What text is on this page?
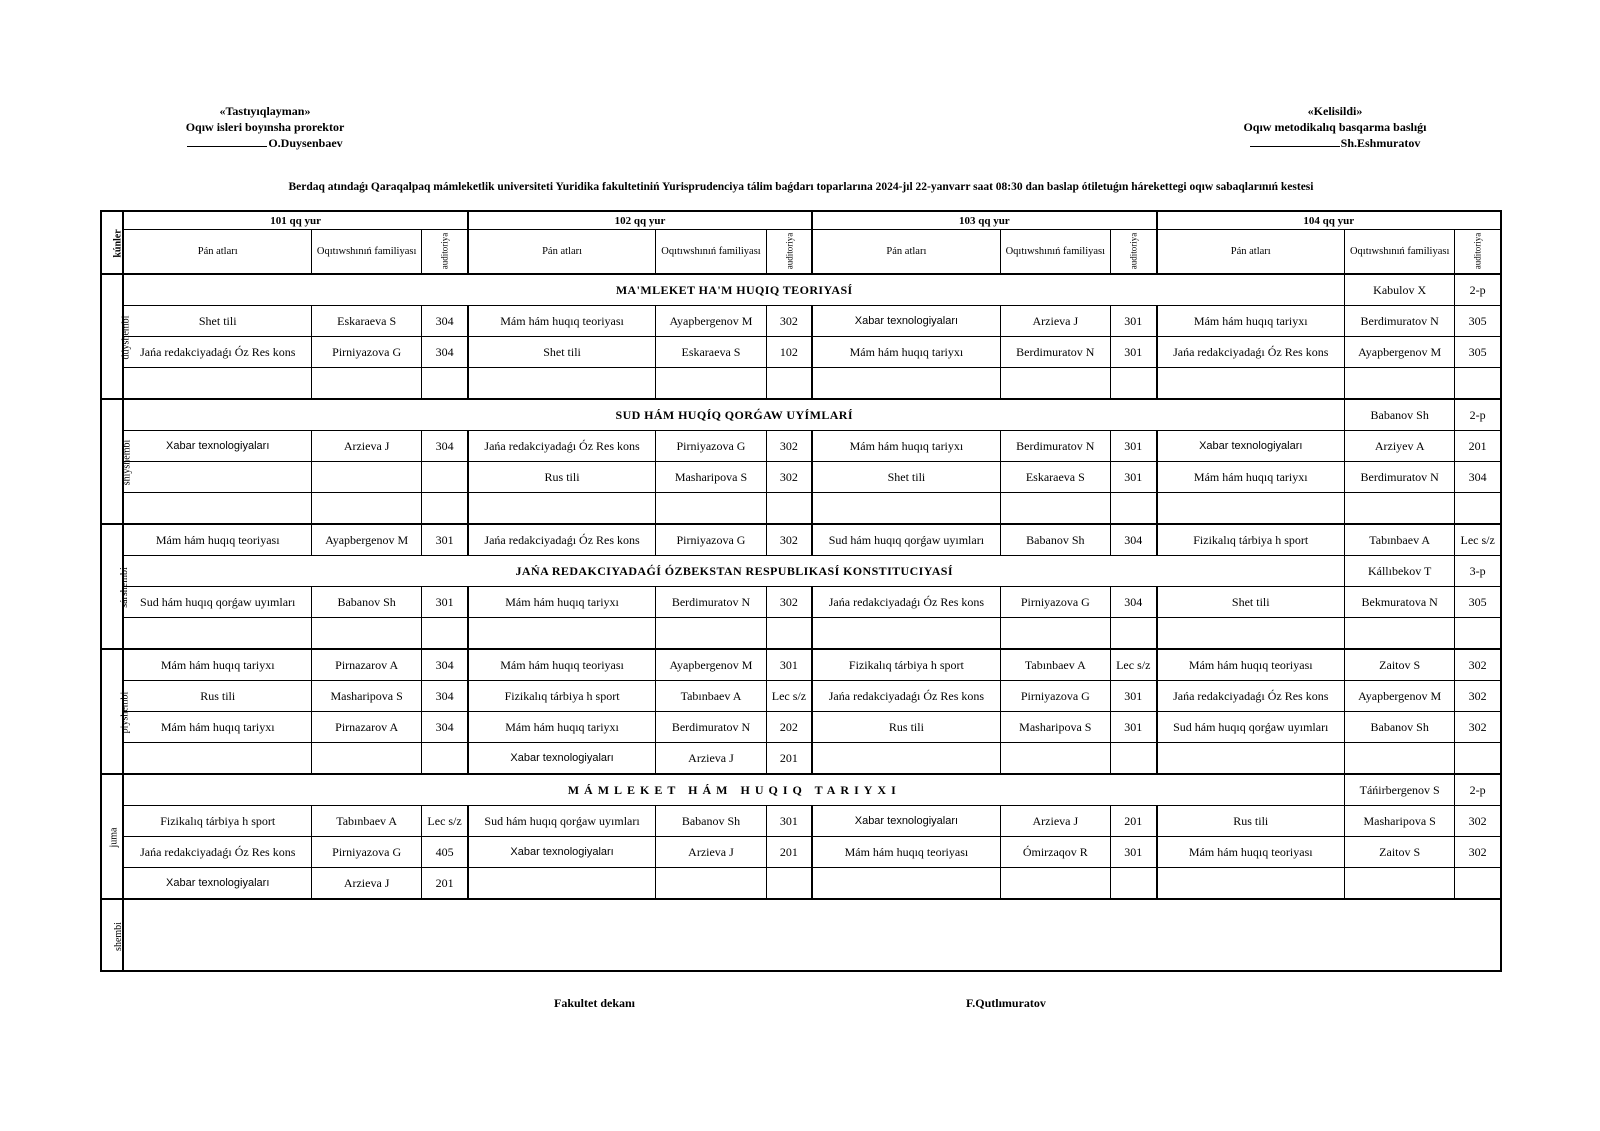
«Tastıyıqlayman»
Oqıw isleri boyınsha prorektor
O.Duysenbaev
«Kelisildi»
Oqıw metodikalıq basqarma baslıǵı
Sh.Eshmuratov
Berdaq atındaǵı Qaraqalpaq mámleketlik universiteti Yuridika fakultetiniń Yurisprudenciya tálim baǵdarı toparlarına 2024-jıl 22-yanvarr saat 08:30 dan baslap ótiletuǵın hárekettegi oqıw sabaqlarınıń kestesi
kúnler	101 qq yur			102 qq yur			103 qq yur			104 qq yur		
	Pán atları	Oqıtıwshınıń familiyası	auditoriya	Pán atları	Oqıtıwshınıń familiyası	auditoriya	Pán atları	Oqıtıwshınıń familiyası	auditoriya	Pán atları	Oqıtıwshınıń familiyası	auditoriya
dúyshembi	MA'MLEKET HA'M HUQIQ TEORIYASÍ										Kabulov X	2-p
	Shet tili	Eskaraeva S	304	Mám hám huqıq teoriyası	Ayapbergenov M	302	Xabar texnologiyaları	Arzieva J	301	Mám hám huqıq tariyxı	Berdimuratov N	305
	Jańa redakciyadaǵı Óz Res kons	Pirniyazova G	304	Shet tili	Eskaraeva S	102	Mám hám huqıq tariyxı	Berdimuratov N	301	Jańa redakciyadaǵı Óz Res kons	Ayapbergenov M	305

shiyshembi	SUD HÁM HUQÍQ QORǴAW UYÍMLARÍ										Babanov Sh	2-p
	Xabar texnologiyaları	Arzieva J	304	Jańa redakciyadaǵı Óz Res kons	Pirniyazova G	302	Mám hám huqıq tariyxı	Berdimuratov N	301	Xabar texnologiyaları	Arziyev A	201
				Rus tili	Masharipova S	302	Shet tili	Eskaraeva S	301	Mám hám huqıq tariyxı	Berdimuratov N	304

sárshembi	Mám hám huqıq teoriyası	Ayapbergenov M	301	Jańa redakciyadaǵı Óz Res kons	Pirniyazova G	302	Sud hám huqıq qorǵaw uyımları	Babanov Sh	304	Fizikalıq tárbiya h sport	Tabınbaev A	Lec s/z
	JAŃA REDAKCIYADAǴÍ ÓZBEKSTAN RESPUBLIKASÍ KONSTITUCIYASÍ										Kállıbekov T	3-p
	Sud hám huqıq qorǵaw uyımları	Babanov Sh	301	Mám hám huqıq tariyxı	Berdimuratov N	302	Jańa redakciyadaǵı Óz Res kons	Pirniyazova G	304	Shet tili	Bekmuratova N	305

piyshembi	Mám hám huqıq tariyxı	Pirnazarov A	304	Mám hám huqıq teoriyası	Ayapbergenov M	301	Fizikalıq tárbiya h sport	Tabınbaev A	Lec s/z	Mám hám huqıq teoriyası	Zaitov S	302
	Rus tili	Masharipova S	304	Fizikalıq tárbiya h sport	Tabınbaev A	Lec s/z	Jańa redakciyadaǵı Óz Res kons	Pirniyazova G	301	Jańa redakciyadaǵı Óz Res kons	Ayapbergenov M	302
	Mám hám huqıq tariyxı	Pirnazarov A	304	Mám hám huqıq tariyxı	Berdimuratov N	202	Rus tili	Masharipova S	301	Sud hám huqıq qorǵaw uyımları	Babanov Sh	302
				Xabar texnologiyaları	Arzieva J	201						
juma	MÁMLEKET HÁM HUQIQ TARIYXI										Táńirbergenov S	2-p
	Fizikalıq tárbiya h sport	Tabınbaev A	Lec s/z	Sud hám huqıq qorǵaw uyımları	Babanov Sh	301	Xabar texnologiyaları	Arzieva J	201	Rus tili	Masharipova S	302
	Jańa redakciyadaǵı Óz Res kons	Pirniyazova G	405	Xabar texnologiyaları	Arzieva J	201	Mám hám huqıq teoriyası	Ómirzaqov R	301	Mám hám huqıq teoriyası	Zaitov S	302
	Xabar texnologiyaları	Arzieva J	201									
shembi												
Fakultet dekanı	F.Qutlımuratov
